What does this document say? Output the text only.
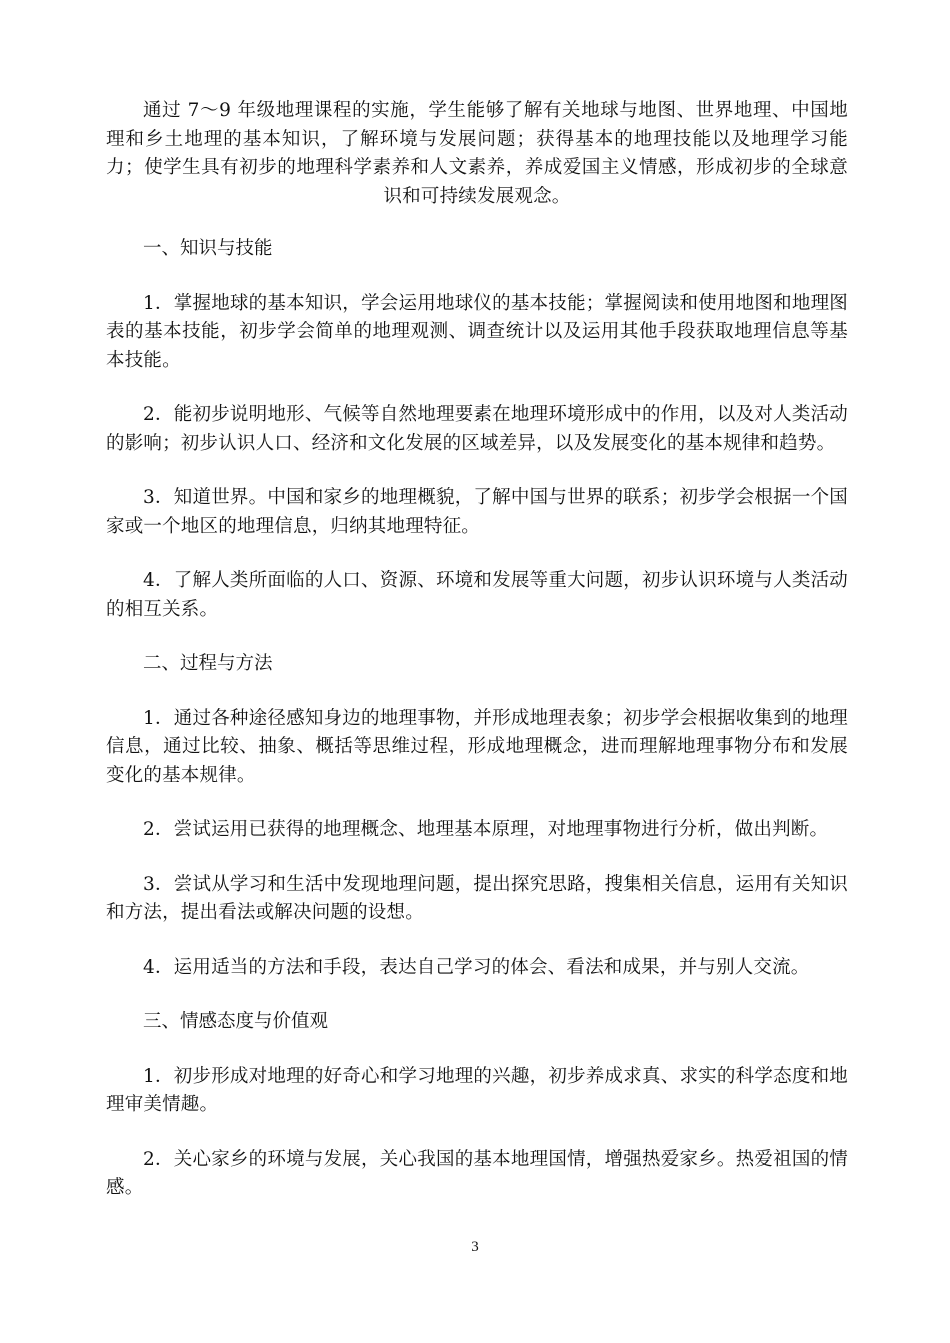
通过 7～9 年级地理课程的实施，学生能够了解有关地球与地图、世界地理、中国地理和乡土地理的基本知识，了解环境与发展问题；获得基本的地理技能以及地理学习能力；使学生具有初步的地理科学素养和人文素养，养成爱国主义情感，形成初步的全球意识和可持续发展观念。

一、知识与技能

1．掌握地球的基本知识，学会运用地球仪的基本技能；掌握阅读和使用地图和地理图表的基本技能，初步学会简单的地理观测、调查统计以及运用其他手段获取地理信息等基本技能。

2．能初步说明地形、气候等自然地理要素在地理环境形成中的作用，以及对人类活动的影响；初步认识人口、经济和文化发展的区域差异，以及发展变化的基本规律和趋势。

3．知道世界。中国和家乡的地理概貌，了解中国与世界的联系；初步学会根据一个国家或一个地区的地理信息，归纳其地理特征。

4．了解人类所面临的人口、资源、环境和发展等重大问题，初步认识环境与人类活动的相互关系。

二、过程与方法

1．通过各种途径感知身边的地理事物，并形成地理表象；初步学会根据收集到的地理信息，通过比较、抽象、概括等思维过程，形成地理概念，进而理解地理事物分布和发展变化的基本规律。

2．尝试运用已获得的地理概念、地理基本原理，对地理事物进行分析，做出判断。

3．尝试从学习和生活中发现地理问题，提出探究思路，搜集相关信息，运用有关知识和方法，提出看法或解决问题的设想。

4．运用适当的方法和手段，表达自己学习的体会、看法和成果，并与别人交流。

三、情感态度与价值观

1．初步形成对地理的好奇心和学习地理的兴趣，初步养成求真、求实的科学态度和地理审美情趣。

2．关心家乡的环境与发展，关心我国的基本地理国情，增强热爱家乡。热爱祖国的情感。

3
